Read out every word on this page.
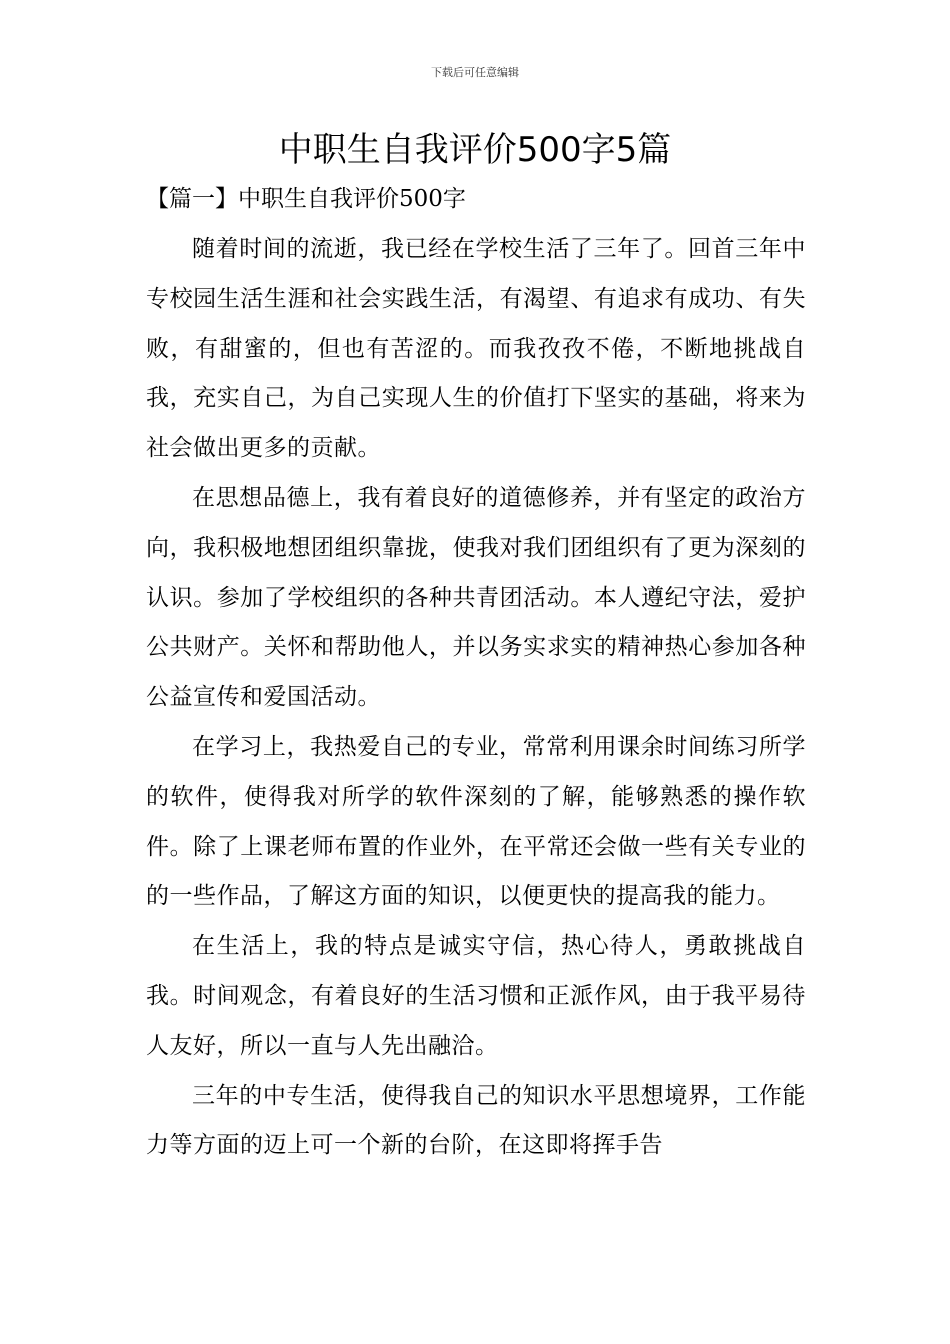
下载后可任意编辑
中职生自我评价500字5篇
【篇一】中职生自我评价500字

随着时间的流逝，我已经在学校生活了三年了。回首三年中专校园生活生涯和社会实践生活，有渴望、有追求有成功、有失败，有甜蜜的，但也有苦涩的。而我孜孜不倦，不断地挑战自我，充实自己，为自己实现人生的价值打下坚实的基础，将来为社会做出更多的贡献。

在思想品德上，我有着良好的道德修养，并有坚定的政治方向，我积极地想团组织靠拢，使我对我们团组织有了更为深刻的认识。参加了学校组织的各种共青团活动。本人遵纪守法，爱护公共财产。关怀和帮助他人，并以务实求实的精神热心参加各种公益宣传和爱国活动。

在学习上，我热爱自己的专业，常常利用课余时间练习所学的软件，使得我对所学的软件深刻的了解，能够熟悉的操作软件。除了上课老师布置的作业外，在平常还会做一些有关专业的的一些作品，了解这方面的知识，以便更快的提高我的能力。

在生活上，我的特点是诚实守信，热心待人，勇敢挑战自我。时间观念，有着良好的生活习惯和正派作风，由于我平易待人友好，所以一直与人先出融洽。

三年的中专生活，使得我自己的知识水平思想境界，工作能力等方面的迈上可一个新的台阶，在这即将挥手告
